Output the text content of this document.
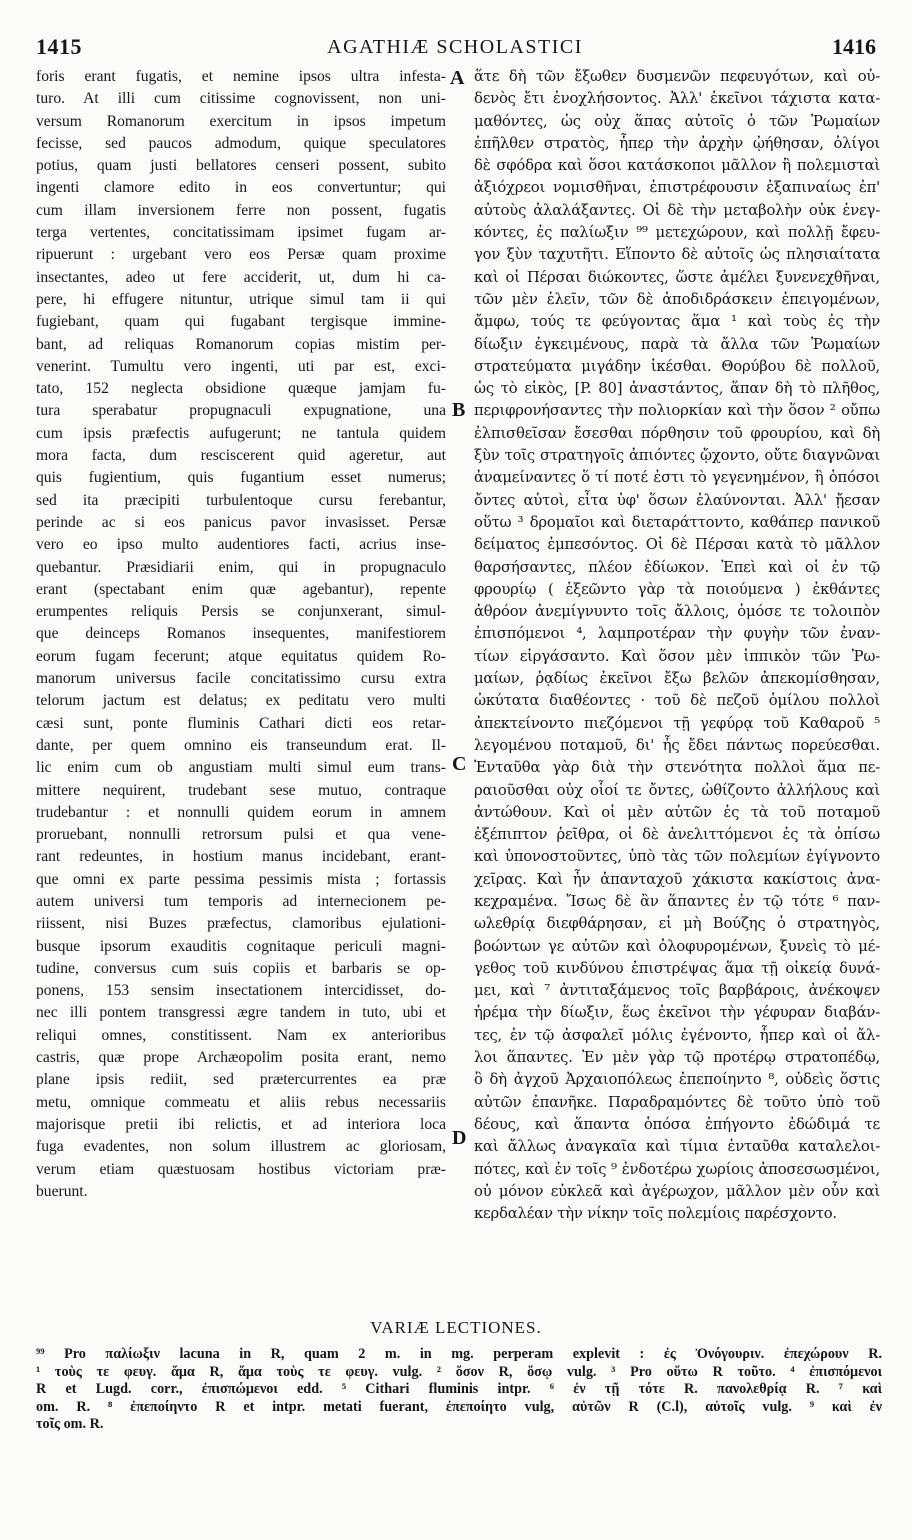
1415	AGATHIÆ SCHOLASTICI	1416
foris erant fugatis, et nemine ipsos ultra infesta-
turo. At illi cum citissime cognovissent, non uni-
versum Romanorum exercitum in ipsos impetum
fecisse, sed paucos admodum, quique speculatores
potius, quam justi bellatores censeri possent, subito
ingenti clamore edito in eos convertuntur; qui
cum illam inversionem ferre non possent, fugatis
terga vertentes, concitatissimam ipsimet fugam ar-
ripuerunt : urgebant vero eos Persæ quam proxime
insectantes, adeo ut fere acciderit, ut, dum hi ca-
pere, hi effugere nituntur, utrique simul tam ii qui
fugiebant, quam qui fugabant tergisque immine-
bant, ad reliquas Romanorum copias mistim per-
venerint. Tumultu vero ingenti, uti par est, exci-
tato, 152 neglecta obsidione quæque jamjam fu-
tura sperabatur propugnaculi expugnatione, una
cum ipsis præfectis aufugerunt; ne tantula quidem
mora facta, dum resciscerent quid ageretur, aut
quis fugientium, quis fugantium esset numerus;
sed ita præcipiti turbulentoque cursu ferebantur,
perinde ac si eos panicus pavor invasisset. Persæ
vero eo ipso multo audentiores facti, acrius inse-
quebantur. Præsidiarii enim, qui in propugnaculo
erant (spectabant enim quæ agebantur), repente
erumpentes reliquis Persis se conjunxerant, simul-
que deinceps Romanos insequentes, manifestiorem
eorum fugam fecerunt; atque equitatus quidem Ro-
manorum universus facile concitatissimo cursu extra
telorum jactum est delatus; ex peditatu vero multi
cæsi sunt, ponte fluminis Cathari dicti eos retar-
dante, per quem omnino eis transeundum erat. Il-
lic enim cum ob angustiam multi simul eum trans-
mittere nequirent, trudebant sese mutuo, contraque
trudebantur : et nonnulli quidem eorum in amnem
proruebant, nonnulli retrorsum pulsi et qua vene-
rant redeuntes, in hostium manus incidebant, erant-
que omni ex parte pessima pessimis mista ; fortassis
autem universi tum temporis ad internecionem pe-
riissent, nisi Buzes præfectus, clamoribus ejulationi-
busque ipsorum exauditis cognitaque periculi magni-
tudine, conversus cum suis copiis et barbaris se op-
ponens, 153 sensim insectationem intercidisset, do-
nec illi pontem transgressi ægre tandem in tuto, ubi et
reliqui omnes, constitissent. Nam ex anterioribus
castris, quæ prope Archæopolim posita erant, nemo
plane ipsis rediit, sed prætercurrentes ea præ
metu, omnique commeatu et aliis rebus necessariis
majorisque pretii ibi relictis, et ad interiora loca
fuga evadentes, non solum illustrem ac gloriosam,
verum etiam quæstuosam hostibus victoriam præ-
buerunt.
ἅτε δὴ τῶν ἔξωθεν δυσμενῶν πεφευγότων, καὶ οὐ-
δενὸς ἔτι ἐνοχλήσοντος. Ἀλλ' ἐκεῖνοι τάχιστα κατα-
μαθόντες, ὡς οὐχ ἅπας αὐτοῖς ὁ τῶν Ῥωμαίων
ἐπῆλθεν στρατὸς, ἧπερ τὴν ἀρχὴν ᾠήθησαν, ὀλίγοι
δὲ σφόδρα καὶ ὅσοι κατάσκοποι μᾶλλον ἢ πολεμισταὶ
ἀξιόχρεοι νομισθῆναι, ἐπιστρέφουσιν ἐξαπιναίως ἐπ'
αὐτοὺς ἀλαλάξαντες. Οἱ δὲ τὴν μεταβολὴν οὐκ ἐνεγ-
κόντες, ἐς παλίωξιν ⁹⁹ μετεχώρουν, καὶ πολλῇ ἔφευ-
γον ξὺν ταχυτῆτι. Εἵποντο δὲ αὐτοῖς ὡς πλησιαίτατα
καὶ οἱ Πέρσαι διώκοντες, ὥστε ἀμέλει ξυνενεχθῆναι,
τῶν μὲν ἑλεῖν, τῶν δὲ ἀποδιδράσκειν ἐπειγομένων,
ἄμφω, τούς τε φεύγοντας ἅμα ¹ καὶ τοὺς ἐς τὴν
δίωξιν ἐγκειμένους, παρὰ τὰ ἄλλα τῶν Ῥωμαίων
στρατεύματα μιγάδην ἱκέσθαι. Θορύβου δὲ πολλοῦ,
ὡς τὸ εἰκὸς, [P. 80] ἀναστάντος, ἅπαν δὴ τὸ πλῆθος,
περιφρονήσαντες τὴν πολιορκίαν καὶ τὴν ὅσον ² οὔπω
ἐλπισθεῖσαν ἔσεσθαι πόρθησιν τοῦ φρουρίου, καὶ δὴ
ξὺν τοῖς στρατηγοῖς ἀπιόντες ᾤχοντο, οὔτε διαγνῶναι
ἀναμείναντες ὅ τί ποτέ ἐστι τὸ γεγενημένον, ἢ ὁπόσοι
ὄντες αὐτοὶ, εἶτα ὑφ' ὅσων ἐλαύνονται. Ἀλλ' ᾔεσαν
οὕτω ³ δρομαῖοι καὶ διεταράττοντο, καθάπερ πανικοῦ
δείματος ἐμπεσόντος. Οἱ δὲ Πέρσαι κατὰ τὸ μᾶλλον
θαρσήσαντες, πλέον ἐδίωκον. Ἐπεὶ καὶ οἱ ἐν τῷ
φρουρίῳ ( ἑξεῶντο γὰρ τὰ ποιούμενα ) ἐκθάντες
ἀθρόον ἀνεμίγνυντο τοῖς ἄλλοις, ὁμόσε τε τολοιπὸν
ἐπισπόμενοι ⁴, λαμπροτέραν τὴν φυγὴν τῶν ἐναν-
τίων εἰργάσαντο. Καὶ ὅσον μὲν ἱππικὸν τῶν Ῥω-
μαίων, ῥᾳδίως ἐκεῖνοι ἔξω βελῶν ἀπεκομίσθησαν,
ὠκύτατα διαθέοντες · τοῦ δὲ πεζοῦ ὁμίλου πολλοὶ
ἀπεκτείνοντο πιεζόμενοι τῇ γεφύρᾳ τοῦ Καθαροῦ ⁵
λεγομένου ποταμοῦ, δι' ἧς ἔδει πάντως πορεύεσθαι.
Ἐνταῦθα γὰρ διὰ τὴν στενότητα πολλοὶ ἅμα πε-
ραιοῦσθαι οὐχ οἷοί τε ὄντες, ὠθίζοντο ἀλλήλους καὶ
ἀντώθουν. Καὶ οἱ μὲν αὐτῶν ἐς τὰ τοῦ ποταμοῦ
ἐξέπιπτον ῥεῖθρα, οἱ δὲ ἀνελιττόμενοι ἐς τὰ ὀπίσω
καὶ ὑπονοστοῦντες, ὑπὸ τὰς τῶν πολεμίων ἐγίγνοντο
χεῖρας. Καὶ ἦν ἁπανταχοῦ χάκιστα κακίστοις ἀνα-
κεχραμένα. Ἴσως δὲ ἂν ἅπαντες ἐν τῷ τότε ⁶ παν-
ωλεθρίᾳ διεφθάρησαν, εἰ μὴ Βούζης ὁ στρατηγὸς,
βοώντων γε αὐτῶν καὶ ὀλοφυρομένων, ξυνεὶς τὸ μέ-
γεθος τοῦ κινδύνου ἐπιστρέψας ἅμα τῇ οἰκείᾳ δυνά-
μει, καὶ ⁷ ἀντιταξάμενος τοῖς βαρβάροις, ἀνέκοψεν
ἠρέμα τὴν δίωξιν, ἕως ἐκεῖνοι τὴν γέφυραν διαβάν-
τες, ἐν τῷ ἀσφαλεῖ μόλις ἐγένοντο, ἧπερ καὶ οἱ ἄλ-
λοι ἅπαντες. Ἐν μὲν γὰρ τῷ προτέρῳ στρατοπέδῳ,
ὃ δὴ ἀγχοῦ Ἀρχαιοπόλεως ἐπεποίηντο ⁸, οὐδεὶς ὅστις
αὐτῶν ἐπανῆκε. Παραδραμόντες δὲ τοῦτο ὑπὸ τοῦ
δέους, καὶ ἅπαντα ὁπόσα ἐπήγοντο ἐδώδιμά τε
καὶ ἄλλως ἀναγκαῖα καὶ τίμια ἐνταῦθα καταλελοι-
πότες, καὶ ἐν τοῖς ⁹ ἐνδοτέρω χωρίοις ἀποσεσωσμένοι,
οὐ μόνον εὐκλεᾶ καὶ ἀγέρωχον, μᾶλλον μὲν οὖν καὶ
κερδαλέαν τὴν νίκην τοῖς πολεμίοις παρέσχοντο.
A
B
C
D
VARIÆ LECTIONES.
⁹⁹ Pro παλίωξιν lacuna in R, quam 2 m. in mg. perperam explevit : ἐς Ὀνόγουριν. ἐπεχώρουν R.
¹ τοὺς τε φευγ. ἅμα R, ἅμα τοὺς τε φευγ. vulg. ² ὅσον R, ὅσῳ vulg. ³ Pro οὕτω R τοῦτο. ⁴ ἐπισπόμενοι
R et Lugd. corr., ἐπισπώμενοι edd. ⁵ Cithari fluminis intpr. ⁶ ἐν τῇ τότε R. πανολεθρίᾳ R. ⁷ καὶ
om. R. ⁸ ἐπεποίηντο R et intpr. metati fuerant, ἐπεποίητο vulg, αὐτῶν R (C.l), αὐτοῖς vulg. ⁹ καὶ ἐν
τοῖς om. R.
